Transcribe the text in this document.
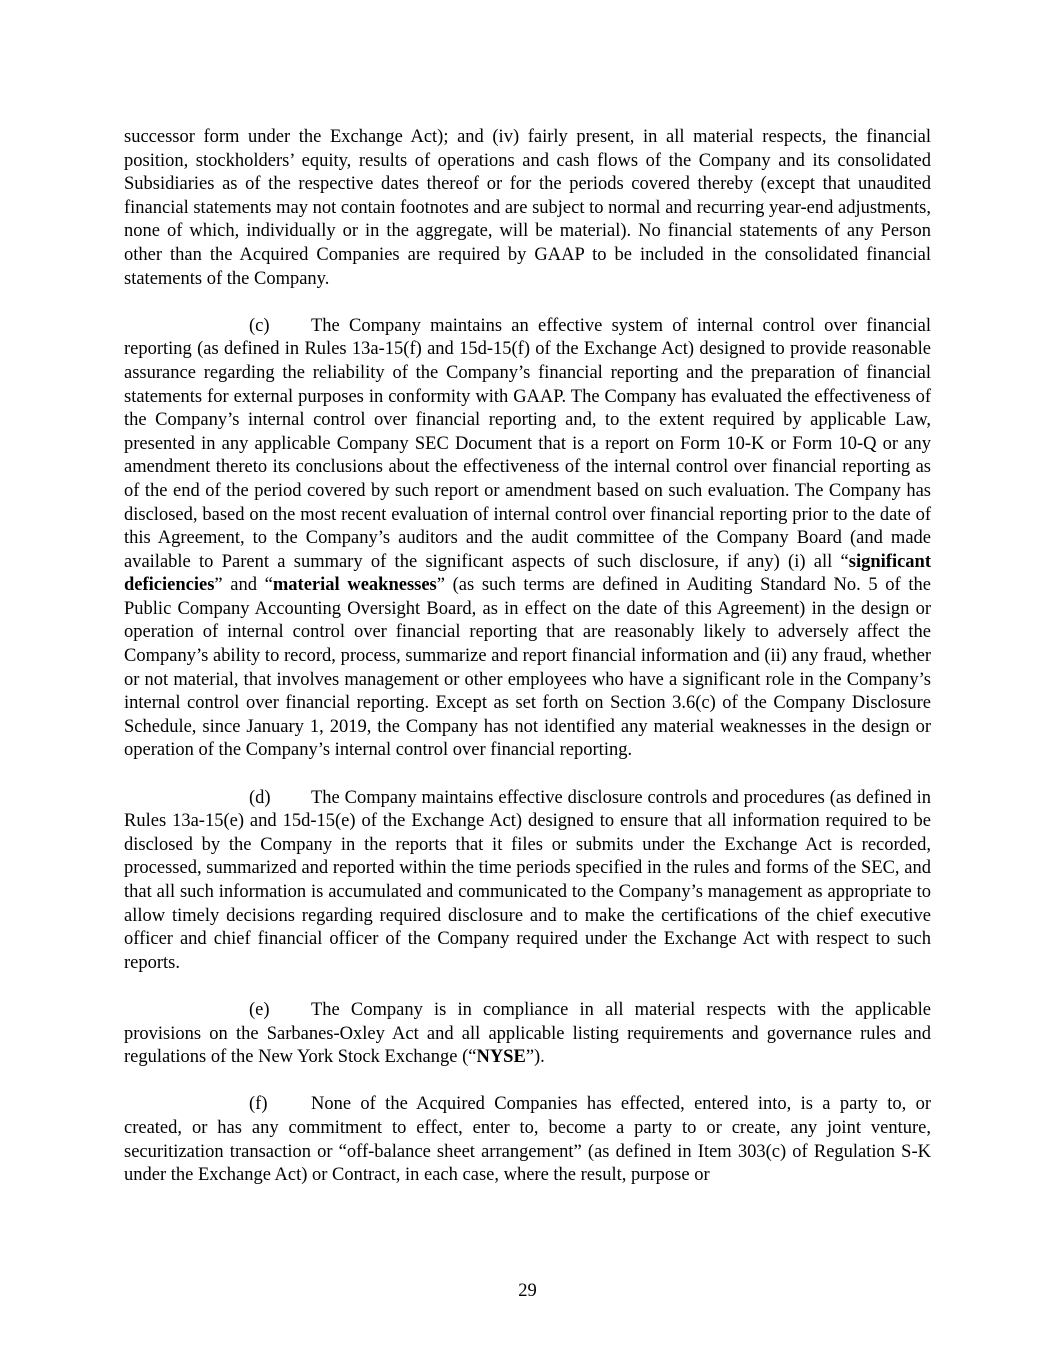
successor form under the Exchange Act); and (iv) fairly present, in all material respects, the financial position, stockholders’ equity, results of operations and cash flows of the Company and its consolidated Subsidiaries as of the respective dates thereof or for the periods covered thereby (except that unaudited financial statements may not contain footnotes and are subject to normal and recurring year-end adjustments, none of which, individually or in the aggregate, will be material). No financial statements of any Person other than the Acquired Companies are required by GAAP to be included in the consolidated financial statements of the Company.

(c) The Company maintains an effective system of internal control over financial reporting (as defined in Rules 13a-15(f) and 15d-15(f) of the Exchange Act) designed to provide reasonable assurance regarding the reliability of the Company’s financial reporting and the preparation of financial statements for external purposes in conformity with GAAP. The Company has evaluated the effectiveness of the Company’s internal control over financial reporting and, to the extent required by applicable Law, presented in any applicable Company SEC Document that is a report on Form 10-K or Form 10-Q or any amendment thereto its conclusions about the effectiveness of the internal control over financial reporting as of the end of the period covered by such report or amendment based on such evaluation. The Company has disclosed, based on the most recent evaluation of internal control over financial reporting prior to the date of this Agreement, to the Company’s auditors and the audit committee of the Company Board (and made available to Parent a summary of the significant aspects of such disclosure, if any) (i) all “significant deficiencies” and “material weaknesses” (as such terms are defined in Auditing Standard No. 5 of the Public Company Accounting Oversight Board, as in effect on the date of this Agreement) in the design or operation of internal control over financial reporting that are reasonably likely to adversely affect the Company’s ability to record, process, summarize and report financial information and (ii) any fraud, whether or not material, that involves management or other employees who have a significant role in the Company’s internal control over financial reporting. Except as set forth on Section 3.6(c) of the Company Disclosure Schedule, since January 1, 2019, the Company has not identified any material weaknesses in the design or operation of the Company’s internal control over financial reporting.

(d) The Company maintains effective disclosure controls and procedures (as defined in Rules 13a-15(e) and 15d-15(e) of the Exchange Act) designed to ensure that all information required to be disclosed by the Company in the reports that it files or submits under the Exchange Act is recorded, processed, summarized and reported within the time periods specified in the rules and forms of the SEC, and that all such information is accumulated and communicated to the Company’s management as appropriate to allow timely decisions regarding required disclosure and to make the certifications of the chief executive officer and chief financial officer of the Company required under the Exchange Act with respect to such reports.

(e) The Company is in compliance in all material respects with the applicable provisions on the Sarbanes-Oxley Act and all applicable listing requirements and governance rules and regulations of the New York Stock Exchange (“NYSE”).

(f) None of the Acquired Companies has effected, entered into, is a party to, or created, or has any commitment to effect, enter to, become a party to or create, any joint venture, securitization transaction or “off-balance sheet arrangement” (as defined in Item 303(c) of Regulation S-K under the Exchange Act) or Contract, in each case, where the result, purpose or

29
